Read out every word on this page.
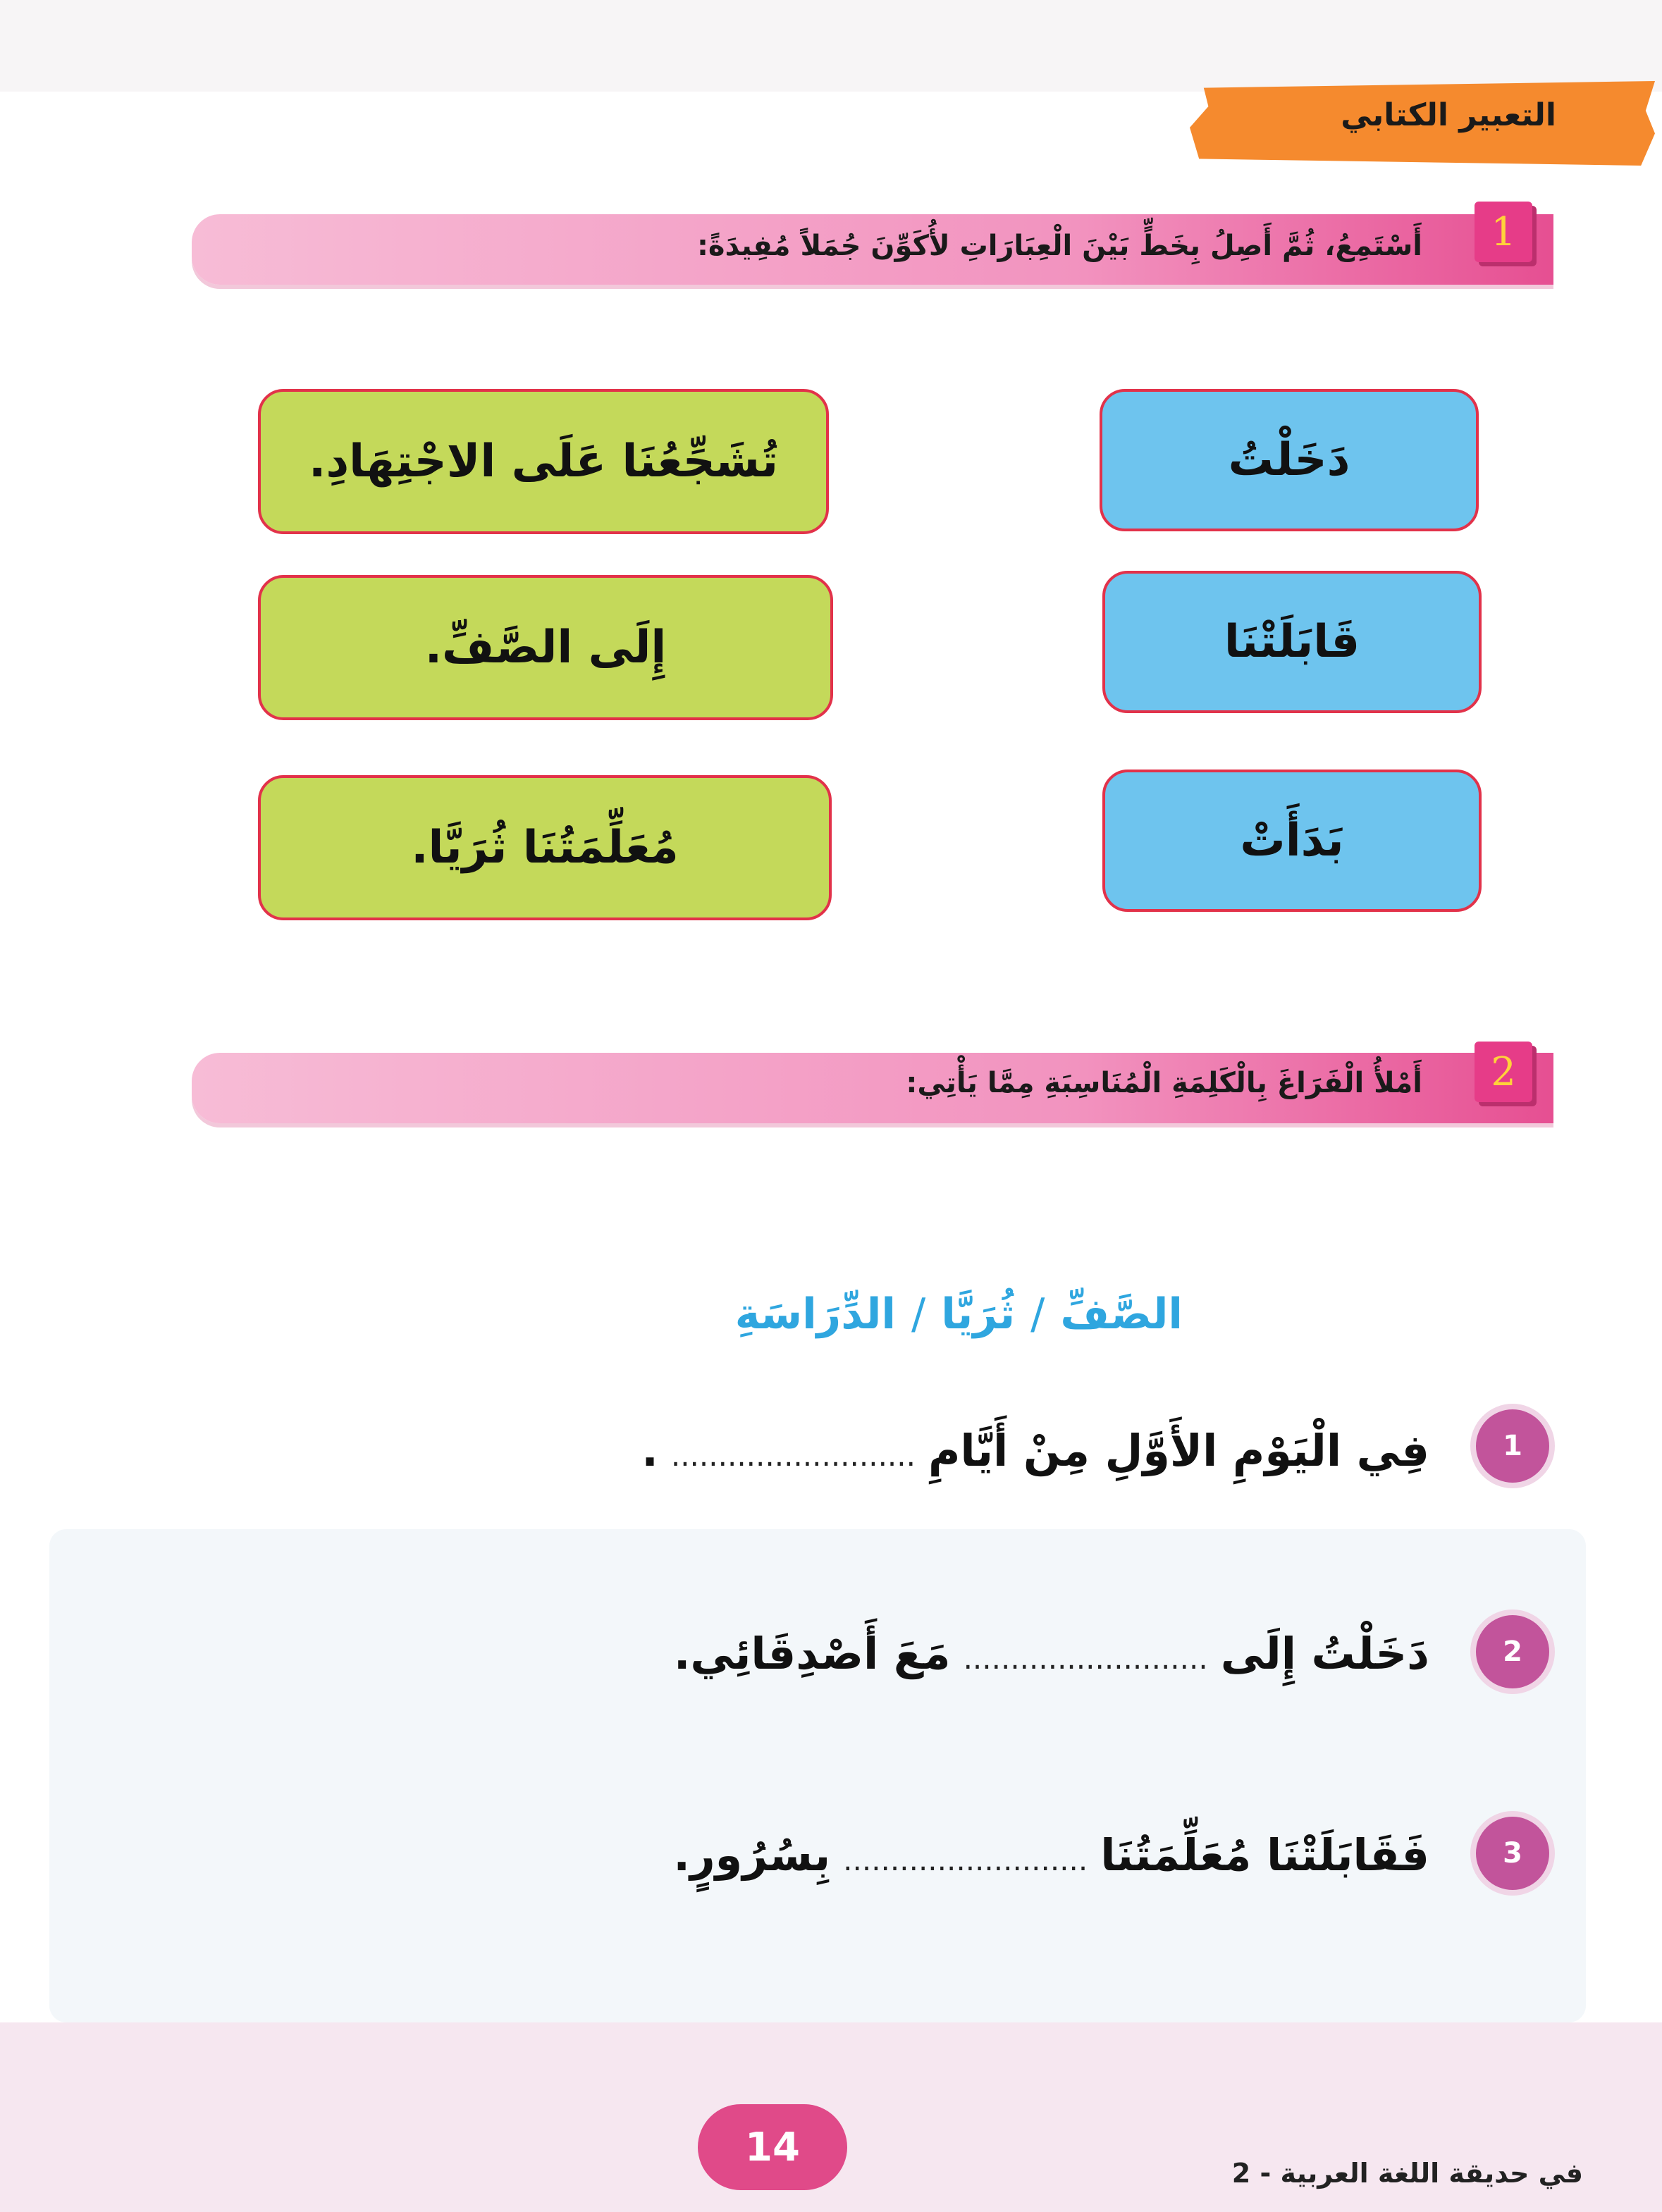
التعبير الكتابي
1
أَسْتَمِعُ، ثُمَّ أَصِلُ بِخَطٍّ بَيْنَ الْعِبَارَاتِ لأُكَوِّنَ جُمَلاً مُفِيدَةً:
دَخَلْتُ
قَابَلَتْنَا
بَدَأَتْ
تُشَجِّعُنَا عَلَى الاجْتِهَادِ.
إِلَى الصَّفِّ.
مُعَلِّمَتُنَا ثُرَيَّا.
2
أَمْلأُ الْفَرَاغَ بِالْكَلِمَةِ الْمُنَاسِبَةِ مِمَّا يَأْتِي:
الصَّفِّ/ثُرَيَّا/الدِّرَاسَةِ
1
فِي الْيَوْمِ الأَوَّلِ مِنْ أَيَّامِ...........................
2
دَخَلْتُ إِلَى..........................مَعَ أَصْدِقَائِي.
3
فَقَابَلَتْنَا مُعَلِّمَتُنَا..........................بِسُرُورٍ.
14
في حديقة اللغة العربية - 2
